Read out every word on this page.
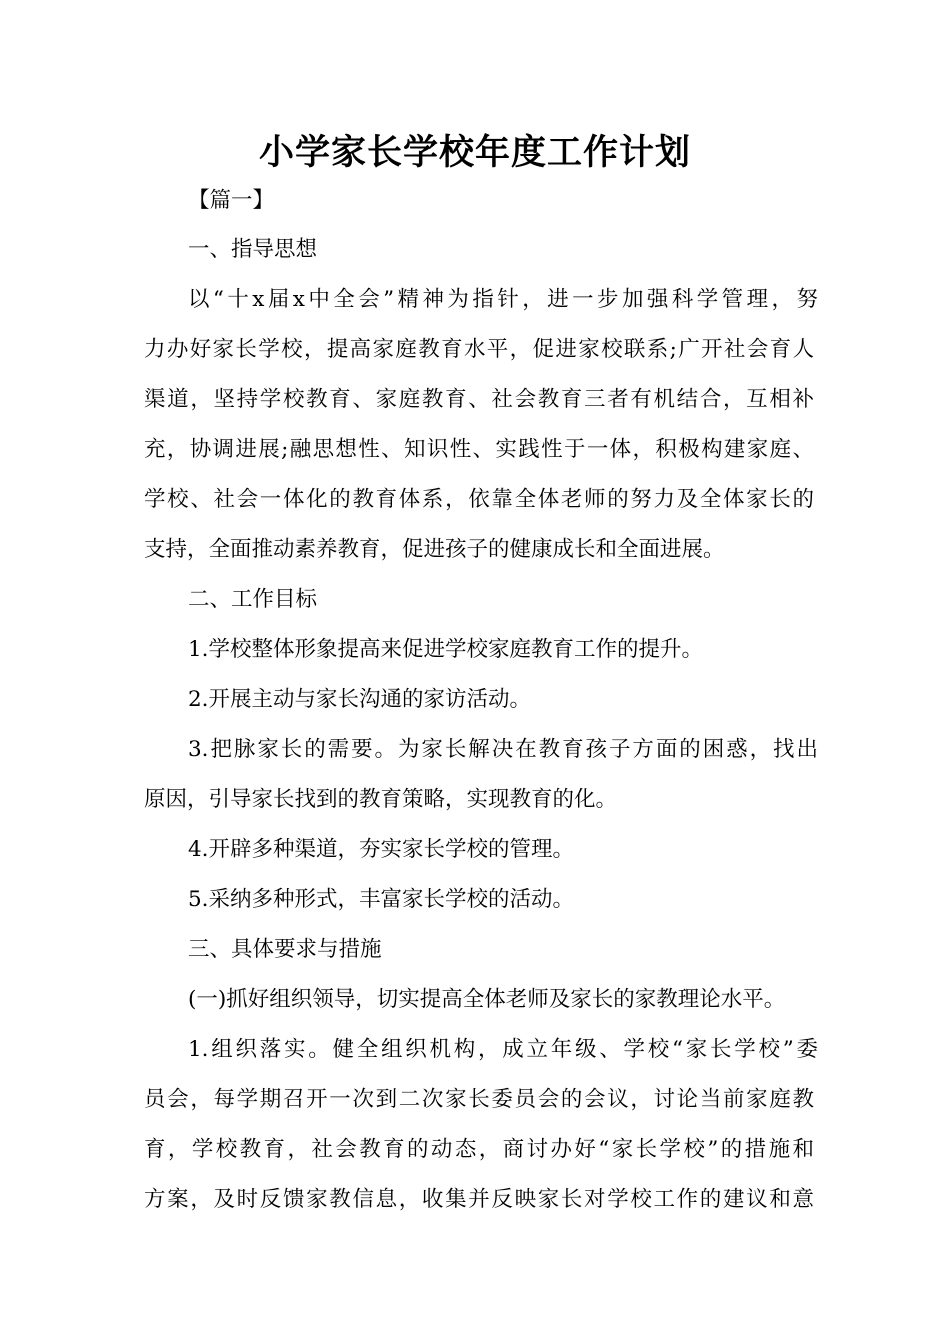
小学家长学校年度工作计划
【篇一】
一、指导思想
以“十x届x中全会”精神为指针，进一步加强科学管理，努
力办好家长学校，提高家庭教育水平，促进家校联系;广开社会育人
渠道，坚持学校教育、家庭教育、社会教育三者有机结合，互相补
充，协调进展;融思想性、知识性、实践性于一体，积极构建家庭、
学校、社会一体化的教育体系，依靠全体老师的努力及全体家长的
支持，全面推动素养教育，促进孩子的健康成长和全面进展。
二、工作目标
1.学校整体形象提高来促进学校家庭教育工作的提升。
2.开展主动与家长沟通的家访活动。
3.把脉家长的需要。为家长解决在教育孩子方面的困惑，找出
原因，引导家长找到的教育策略，实现教育的化。
4.开辟多种渠道，夯实家长学校的管理。
5.采纳多种形式，丰富家长学校的活动。
三、具体要求与措施
(一)抓好组织领导，切实提高全体老师及家长的家教理论水平。
1.组织落实。健全组织机构，成立年级、学校“家长学校”委
员会，每学期召开一次到二次家长委员会的会议，讨论当前家庭教
育，学校教育，社会教育的动态，商讨办好“家长学校”的措施和
方案，及时反馈家教信息，收集并反映家长对学校工作的建议和意
